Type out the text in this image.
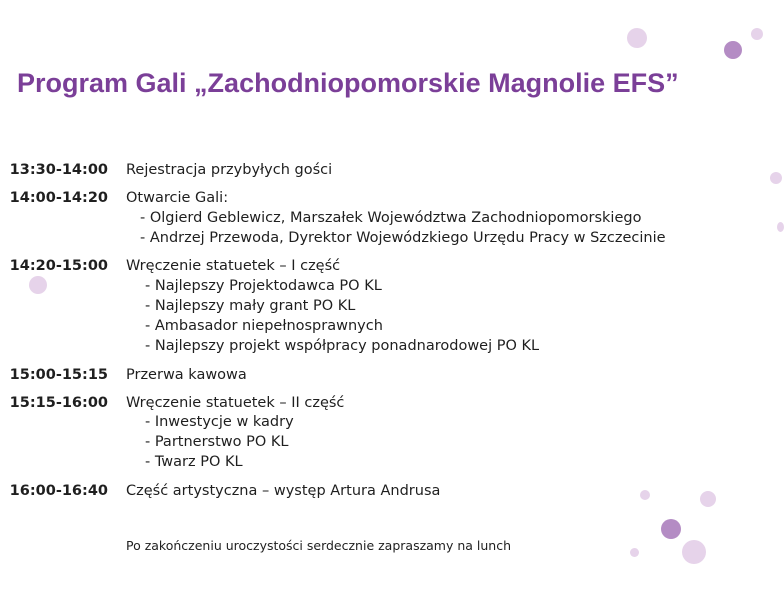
Program Gali „Zachodniopomorskie Magnolie EFS”
13:30-14:00 Rejestracja przybyłych gości
14:00-14:20 Otwarcie Gali:
- Olgierd Geblewicz, Marszałek Województwa Zachodniopomorskiego
- Andrzej Przewoda, Dyrektor Wojewódzkiego Urzędu Pracy w Szczecinie
14:20-15:00 Wręczenie statuetek – I część
- Najlepszy Projektodawca PO KL
- Najlepszy mały grant PO KL
- Ambasador niepełnosprawnych
- Najlepszy projekt współpracy ponadnarodowej PO KL
15:00-15:15 Przerwa kawowa
15:15-16:00 Wręczenie statuetek – II część
- Inwestycje w kadry
- Partnerstwo PO KL
- Twarz PO KL
16:00-16:40 Część artystyczna – występ Artura Andrusa
Po zakończeniu uroczystości serdecznie zapraszamy na lunch
